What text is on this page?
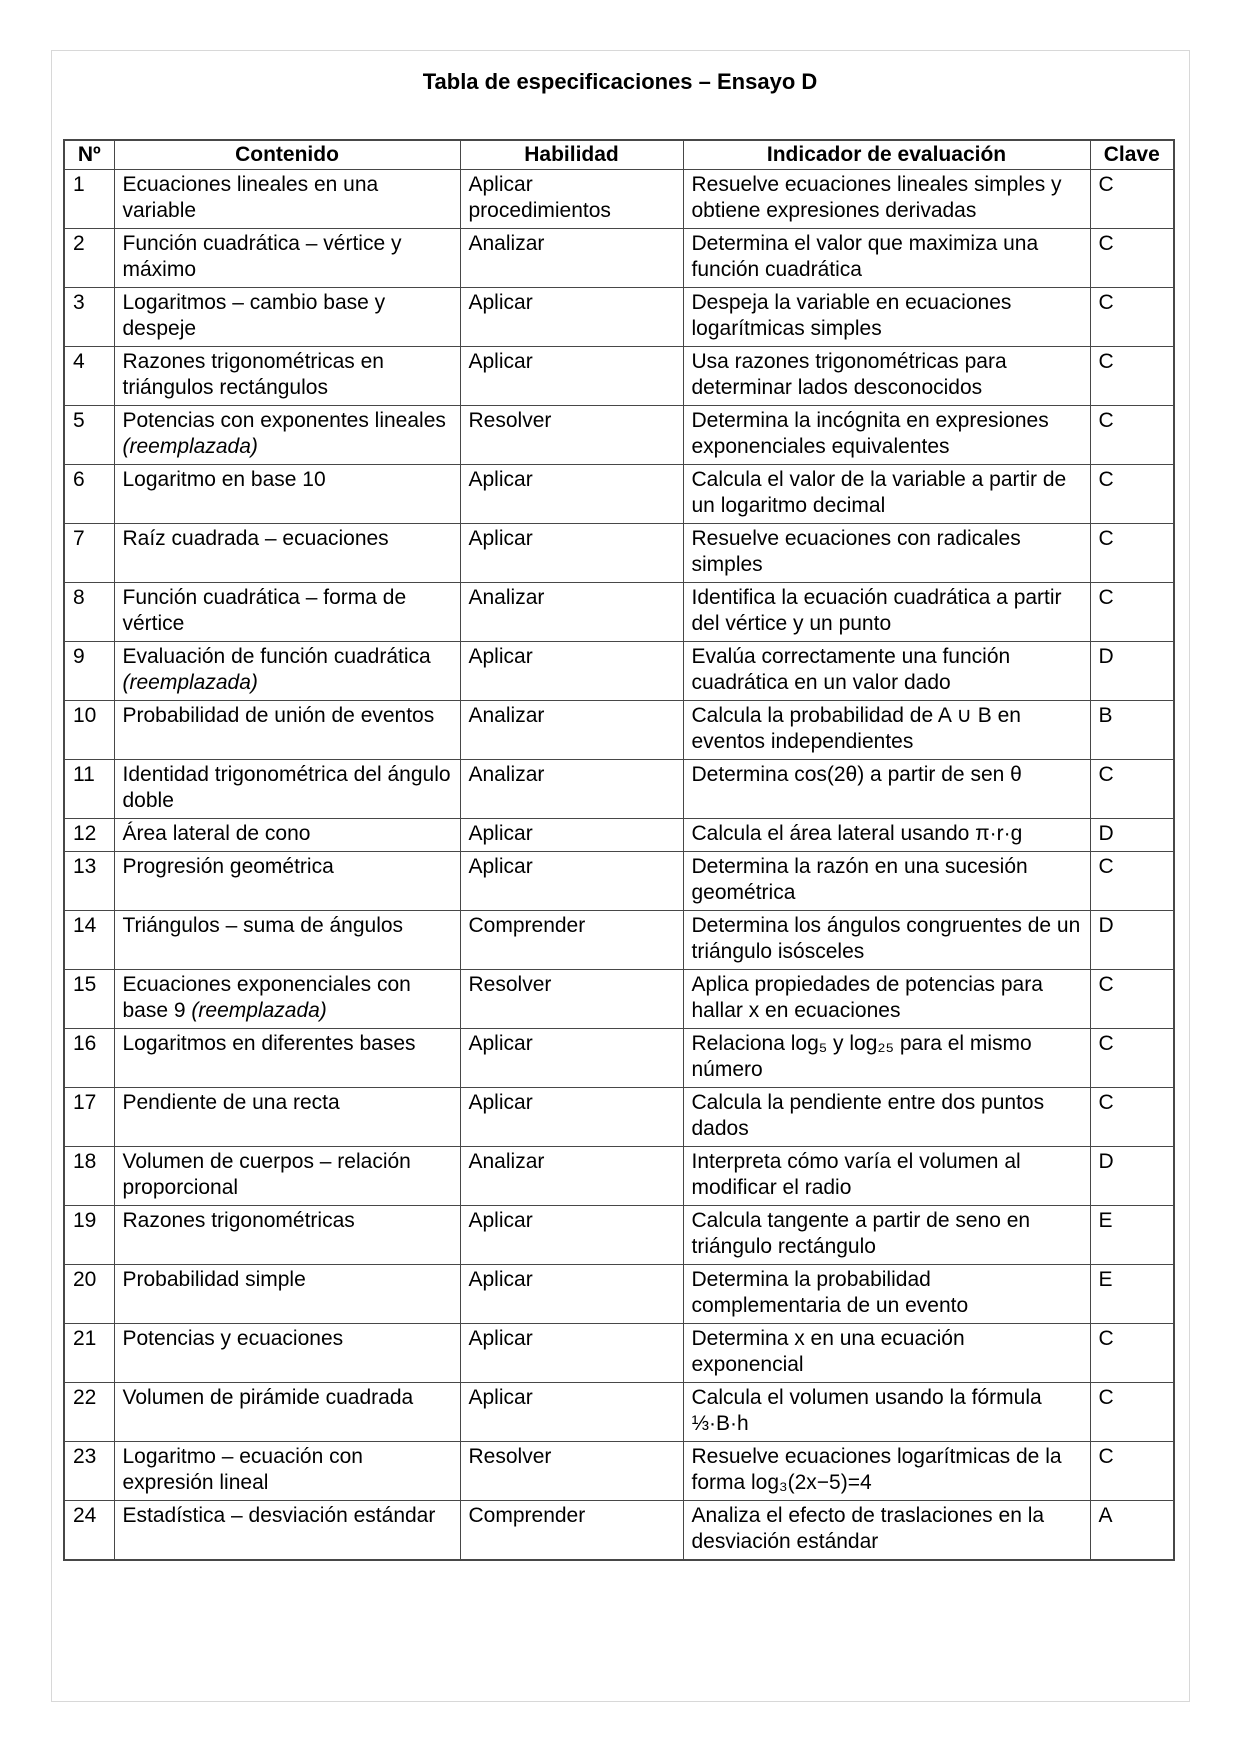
Tabla de especificaciones – Ensayo D
Nº	Contenido	Habilidad	Indicador de evaluación	Clave
1	Ecuaciones lineales en una variable	Aplicar procedimientos	Resuelve ecuaciones lineales simples y obtiene expresiones derivadas	C
2	Función cuadrática – vértice y máximo	Analizar	Determina el valor que maximiza una función cuadrática	C
3	Logaritmos – cambio base y despeje	Aplicar	Despeja la variable en ecuaciones logarítmicas simples	C
4	Razones trigonométricas en triángulos rectángulos	Aplicar	Usa razones trigonométricas para determinar lados desconocidos	C
5	Potencias con exponentes lineales (reemplazada)	Resolver	Determina la incógnita en expresiones exponenciales equivalentes	C
6	Logaritmo en base 10	Aplicar	Calcula el valor de la variable a partir de un logaritmo decimal	C
7	Raíz cuadrada – ecuaciones	Aplicar	Resuelve ecuaciones con radicales simples	C
8	Función cuadrática – forma de vértice	Analizar	Identifica la ecuación cuadrática a partir del vértice y un punto	C
9	Evaluación de función cuadrática (reemplazada)	Aplicar	Evalúa correctamente una función cuadrática en un valor dado	D
10	Probabilidad de unión de eventos	Analizar	Calcula la probabilidad de A ∪ B en eventos independientes	B
11	Identidad trigonométrica del ángulo doble	Analizar	Determina cos(2θ) a partir de sen θ	C
12	Área lateral de cono	Aplicar	Calcula el área lateral usando π·r·g	D
13	Progresión geométrica	Aplicar	Determina la razón en una sucesión geométrica	C
14	Triángulos – suma de ángulos	Comprender	Determina los ángulos congruentes de un triángulo isósceles	D
15	Ecuaciones exponenciales con base 9 (reemplazada)	Resolver	Aplica propiedades de potencias para hallar x en ecuaciones	C
16	Logaritmos en diferentes bases	Aplicar	Relaciona log₅ y log₂₅ para el mismo número	C
17	Pendiente de una recta	Aplicar	Calcula la pendiente entre dos puntos dados	C
18	Volumen de cuerpos – relación proporcional	Analizar	Interpreta cómo varía el volumen al modificar el radio	D
19	Razones trigonométricas	Aplicar	Calcula tangente a partir de seno en triángulo rectángulo	E
20	Probabilidad simple	Aplicar	Determina la probabilidad complementaria de un evento	E
21	Potencias y ecuaciones	Aplicar	Determina x en una ecuación exponencial	C
22	Volumen de pirámide cuadrada	Aplicar	Calcula el volumen usando la fórmula ⅓·B·h	C
23	Logaritmo – ecuación con expresión lineal	Resolver	Resuelve ecuaciones logarítmicas de la forma log₃(2x−5)=4	C
24	Estadística – desviación estándar	Comprender	Analiza el efecto de traslaciones en la desviación estándar	A
